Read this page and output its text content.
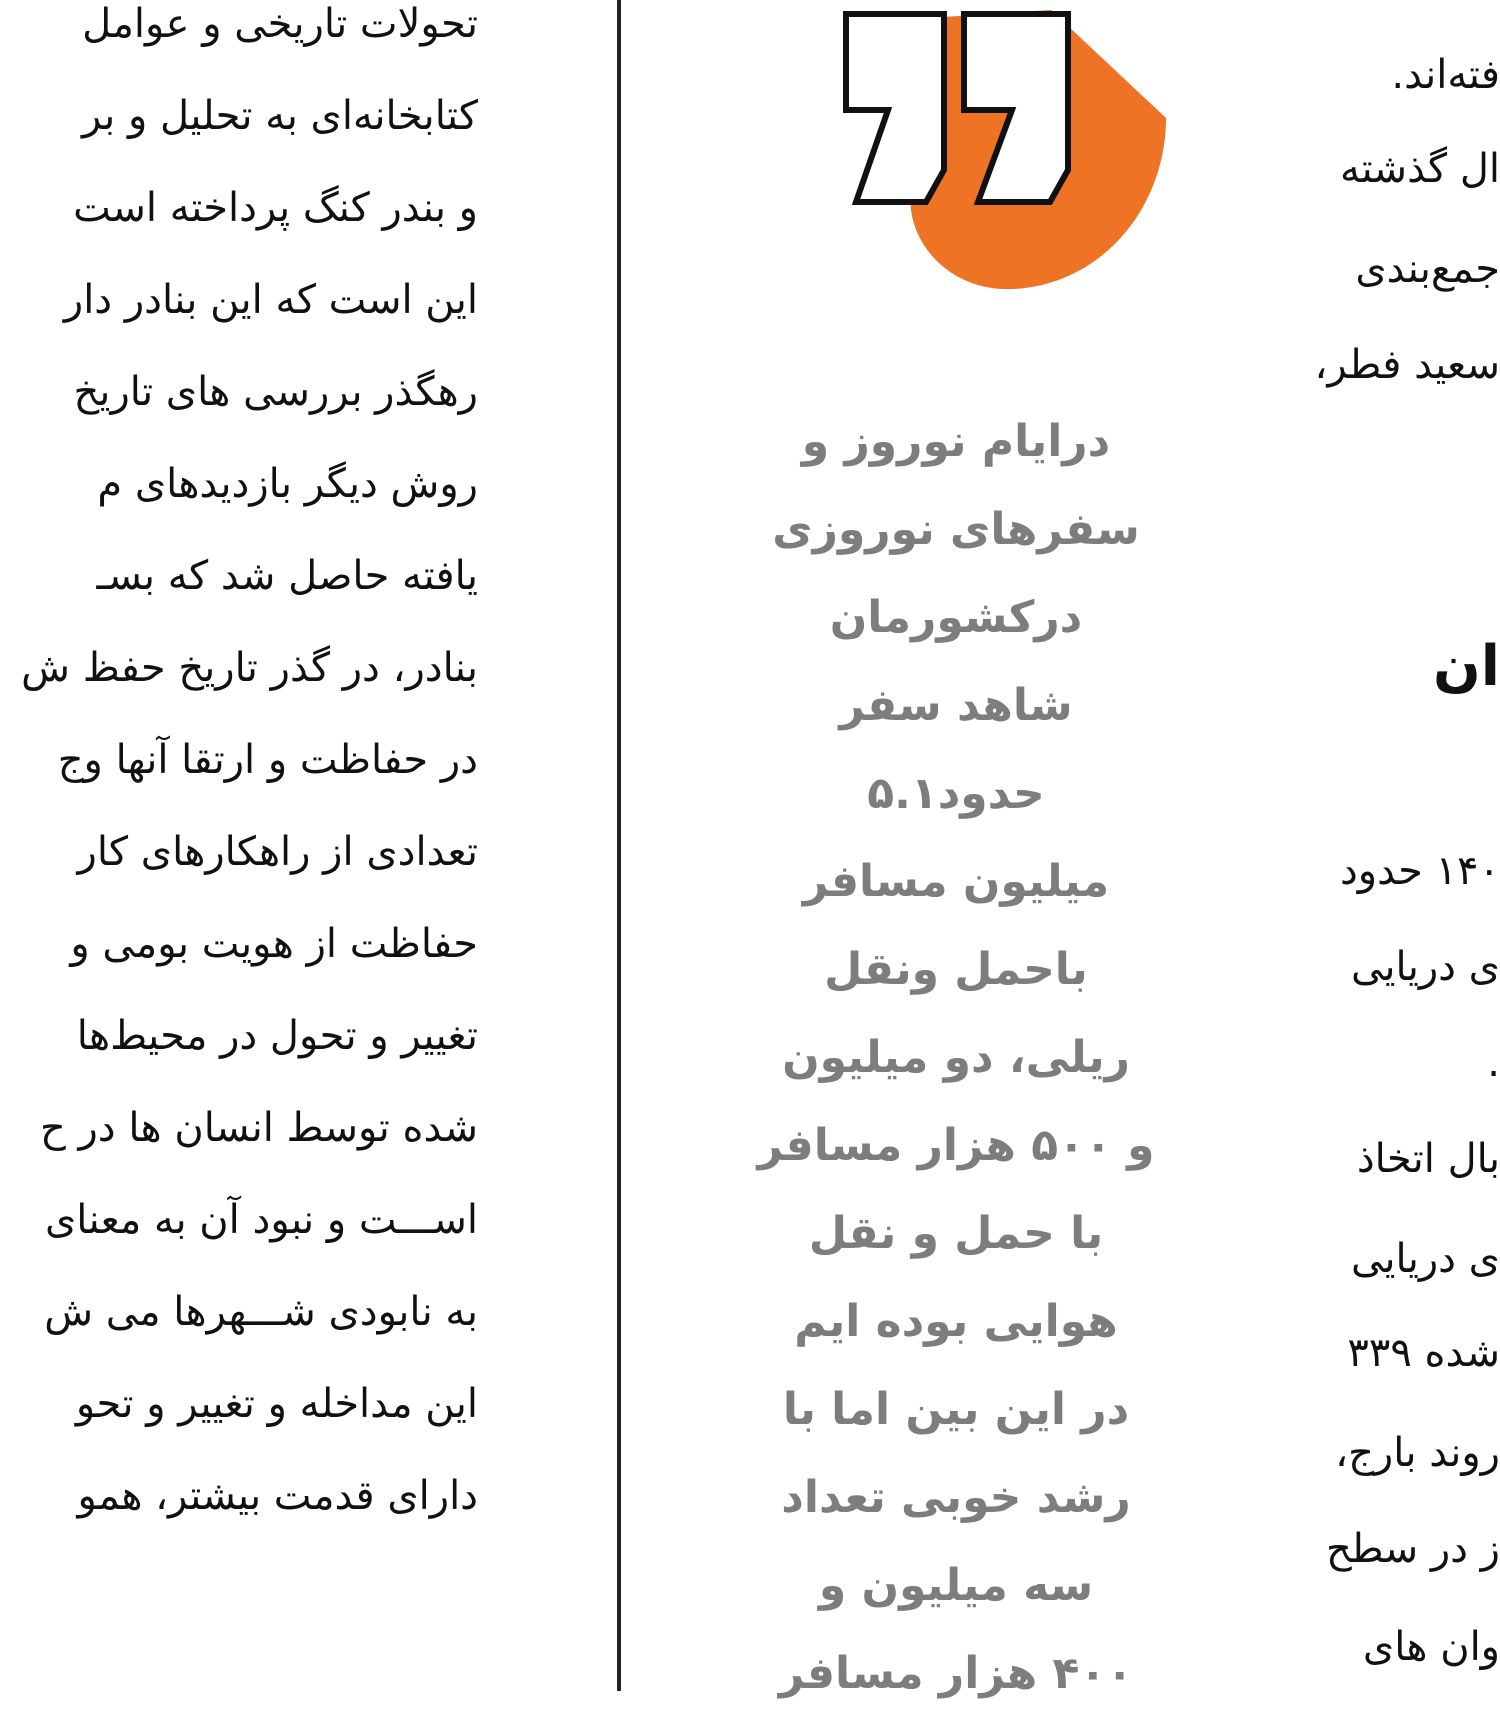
تحولات تاریخی و عوامل
کتابخانه‌ای به تحلیل و بر
و بندر کنگ پرداخته است
این است که این بنادر دار
رهگذر بررسی های تاریخ
روش دیگر بازدیدهای م
یافته حاصل شد که بسـ
بنادر، در گذر تاریخ حفظ ش
در حفاظت و ارتقا آنها وج
تعدادی از راهکارهای کار
حفاظت از هویت بومی و
تغییر و تحول در محیط‌ها
شده توسط انسان ها در ح
اســـت و نبود آن به معنای
به نابودی شـــهرها می ش
این مداخله و تغییر و تحو
دارای قدمت بیشتر، همو
درایام نوروز و
سفرهای نوروزی
درکشورمان
شاهد سفر
حدود۵.۱
میلیون مسافر
باحمل ونقل
ریلی، دو میلیون
و ۵۰۰ هزار مسافر
با حمل و نقل
هوایی بوده ایم
در این بین اما با
رشد خوبی تعداد
سه میلیون و
۴۰۰ هزار مسافر
فته‌اند.
ال گذشته
جمع‌بندی
سعید فطر،
ان
۱۴۰ حدود
ی دریایی
.
بال اتخاذ
ی دریایی
شده ۳۳۹
روند بارج،
ز در سطح
وان های
